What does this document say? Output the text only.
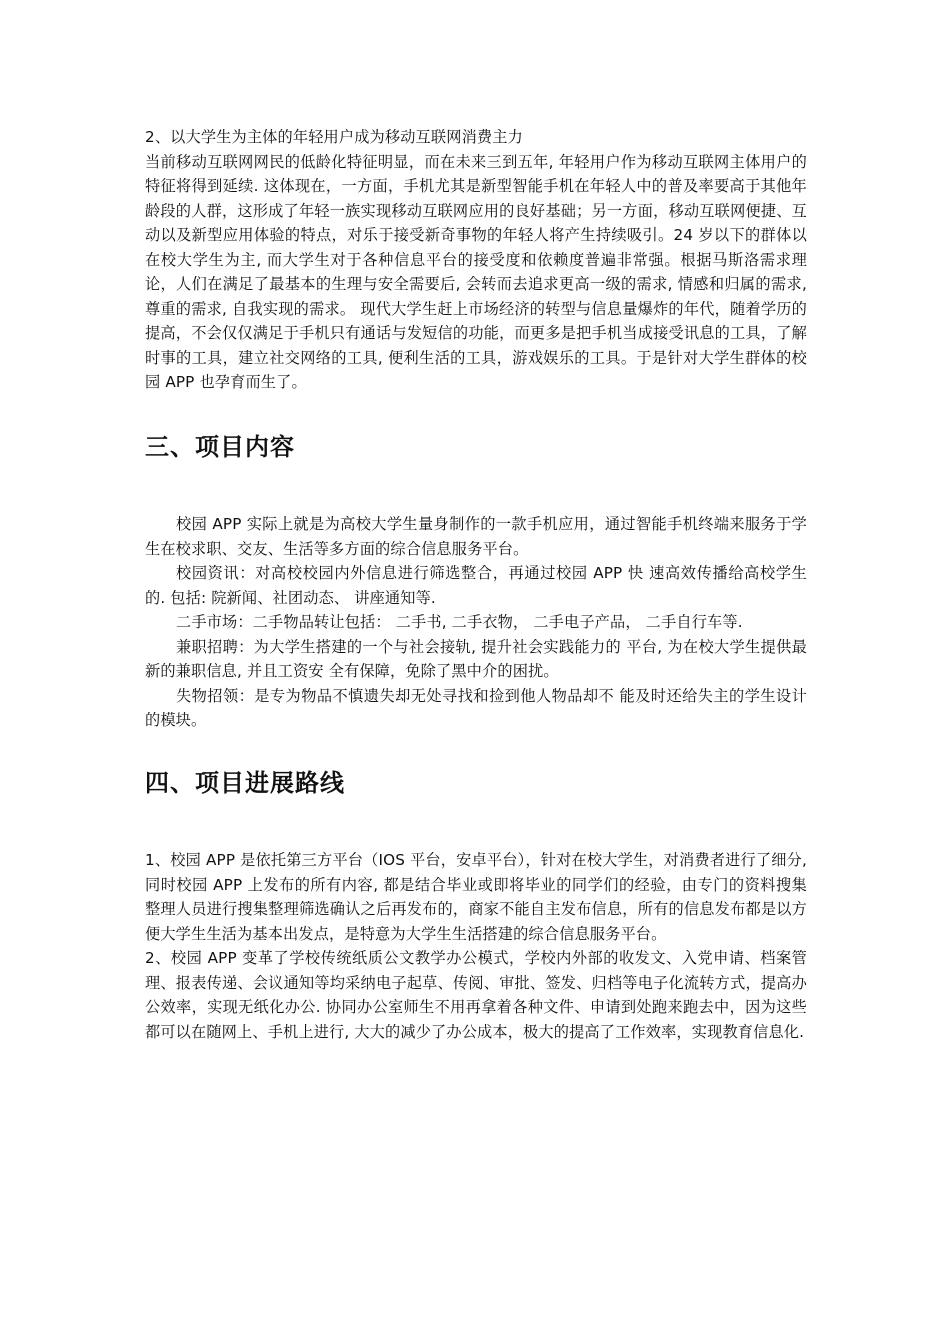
2、以大学生为主体的年轻用户成为移动互联网消费主力

当前移动互联网网民的低龄化特征明显，而在未来三到五年, 年轻用户作为移动互联网主体用户的特征将得到延续. 这体现在，一方面，手机尤其是新型智能手机在年轻人中的普及率要高于其他年龄段的人群，这形成了年轻一族实现移动互联网应用的良好基础；另一方面，移动互联网便捷、互动以及新型应用体验的特点，对乐于接受新奇事物的年轻人将产生持续吸引。24 岁以下的群体以在校大学生为主, 而大学生对于各种信息平台的接受度和依赖度普遍非常强。根据马斯洛需求理论，人们在满足了最基本的生理与安全需要后, 会转而去追求更高一级的需求, 情感和归属的需求, 尊重的需求, 自我实现的需求。 现代大学生赶上市场经济的转型与信息量爆炸的年代，随着学历的提高，不会仅仅满足于手机只有通话与发短信的功能，而更多是把手机当成接受讯息的工具，了解时事的工具，建立社交网络的工具, 便利生活的工具，游戏娱乐的工具。于是针对大学生群体的校园 APP 也孕育而生了。

三、项目内容

校园 APP 实际上就是为高校大学生量身制作的一款手机应用，通过智能手机终端来服务于学生在校求职、交友、生活等多方面的综合信息服务平台。

校园资讯：对高校校园内外信息进行筛选整合，再通过校园 APP 快 速高效传播给高校学生的. 包括: 院新闻、社团动态、 讲座通知等.

二手市场：二手物品转让包括： 二手书, 二手衣物， 二手电子产品， 二手自行车等.

兼职招聘：为大学生搭建的一个与社会接轨, 提升社会实践能力的 平台, 为在校大学生提供最新的兼职信息, 并且工资安 全有保障，免除了黑中介的困扰。

失物招领：是专为物品不慎遗失却无处寻找和捡到他人物品却不 能及时还给失主的学生设计的模块。

四、项目进展路线

1、校园 APP 是依托第三方平台（IOS 平台，安卓平台），针对在校大学生，对消费者进行了细分, 同时校园 APP 上发布的所有内容, 都是结合毕业或即将毕业的同学们的经验，由专门的资料搜集整理人员进行搜集整理筛选确认之后再发布的，商家不能自主发布信息，所有的信息发布都是以方便大学生生活为基本出发点，是特意为大学生生活搭建的综合信息服务平台。

2、校园 APP 变革了学校传统纸质公文教学办公模式，学校内外部的收发文、入党申请、档案管理、报表传递、会议通知等均采纳电子起草、传阅、审批、签发、归档等电子化流转方式，提高办公效率，实现无纸化办公. 协同办公室师生不用再拿着各种文件、申请到处跑来跑去中，因为这些都可以在随网上、手机上进行, 大大的减少了办公成本，极大的提高了工作效率，实现教育信息化.
